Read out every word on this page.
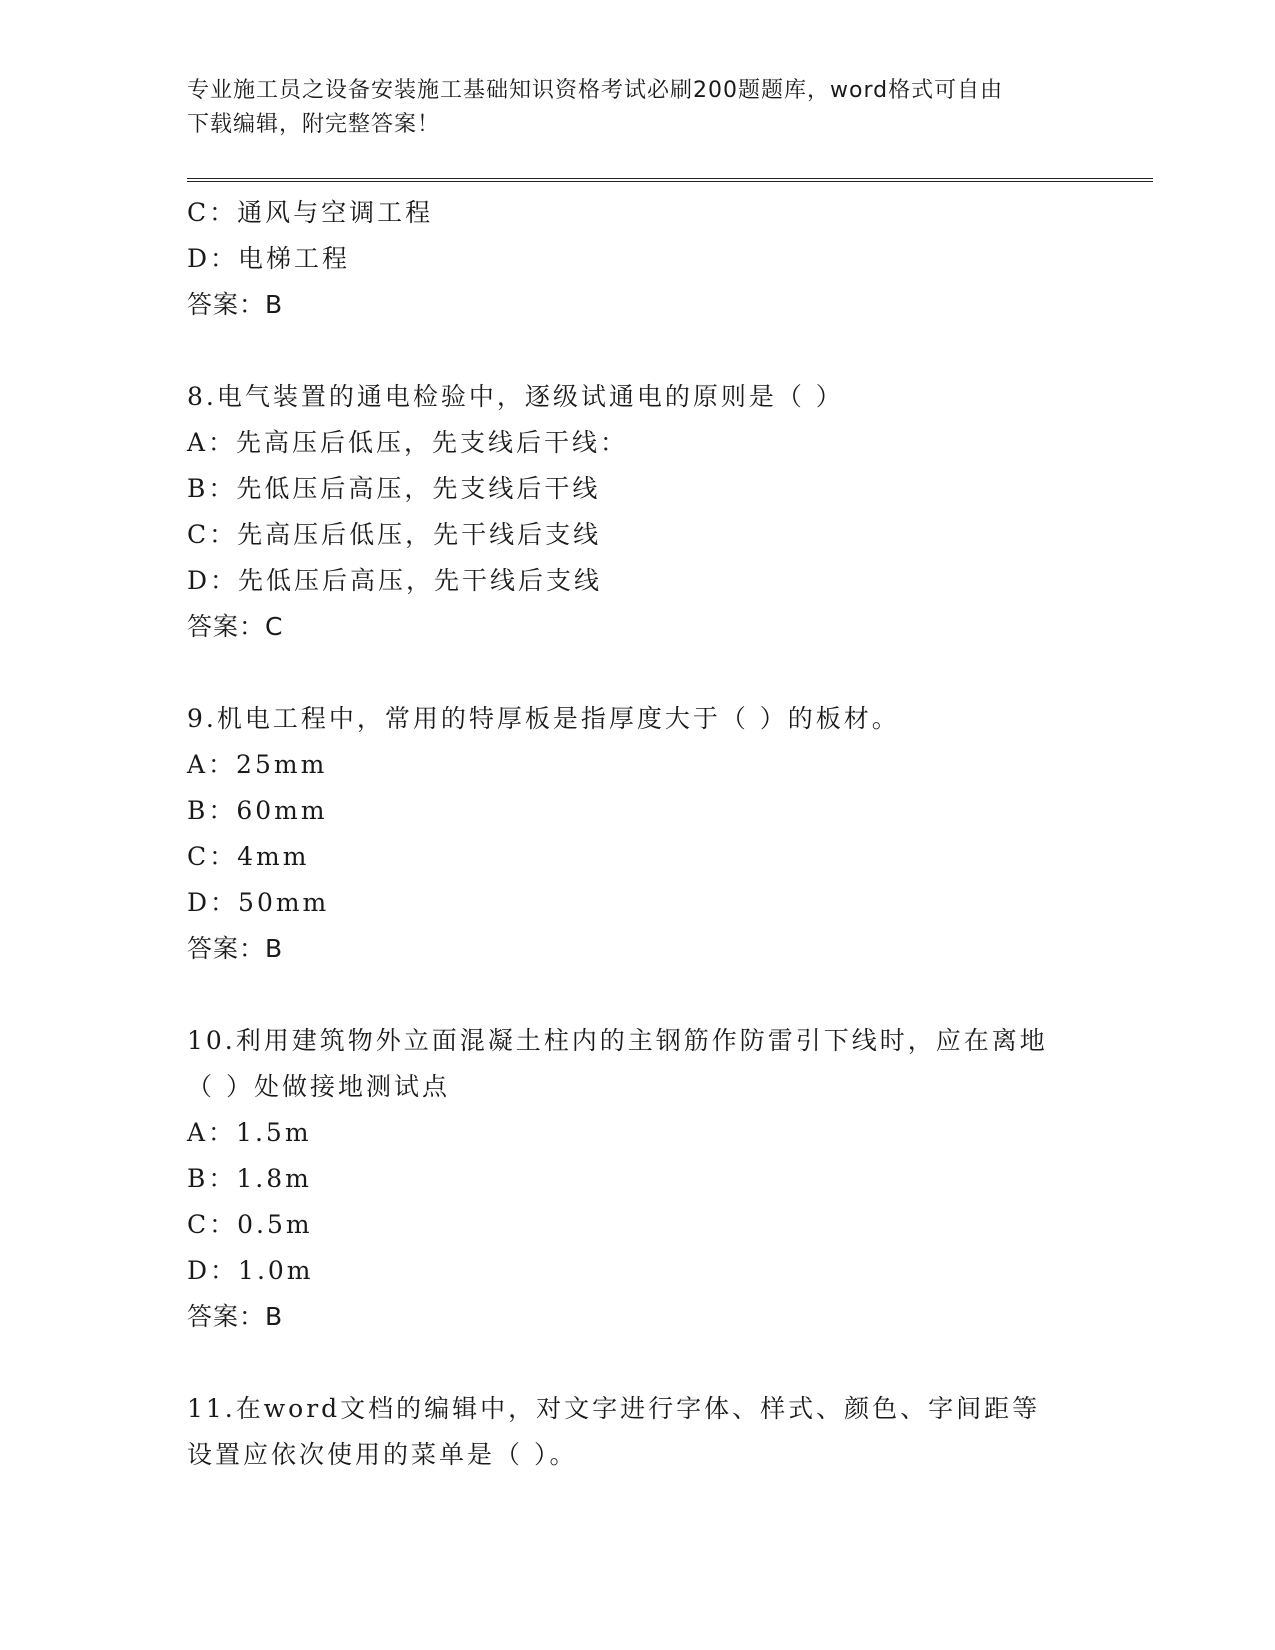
专业施工员之设备安装施工基础知识资格考试必刷200题题库，word格式可自由
下载编辑，附完整答案！
C：通风与空调工程
D：电梯工程
答案：B
8.电气装置的通电检验中，逐级试通电的原则是（ ）
A：先高压后低压，先支线后干线：
B：先低压后高压，先支线后干线
C：先高压后低压，先干线后支线
D：先低压后高压，先干线后支线
答案：C
9.机电工程中，常用的特厚板是指厚度大于（ ）的板材。
A：25mm
B：60mm
C：4mm
D：50mm
答案：B
10.利用建筑物外立面混凝土柱内的主钢筋作防雷引下线时，应在离地
（ ）处做接地测试点
A：1.5m
B：1.8m
C：0.5m
D：1.0m
答案：B
11.在word文档的编辑中，对文字进行字体、样式、颜色、字间距等
设置应依次使用的菜单是（ ）。
